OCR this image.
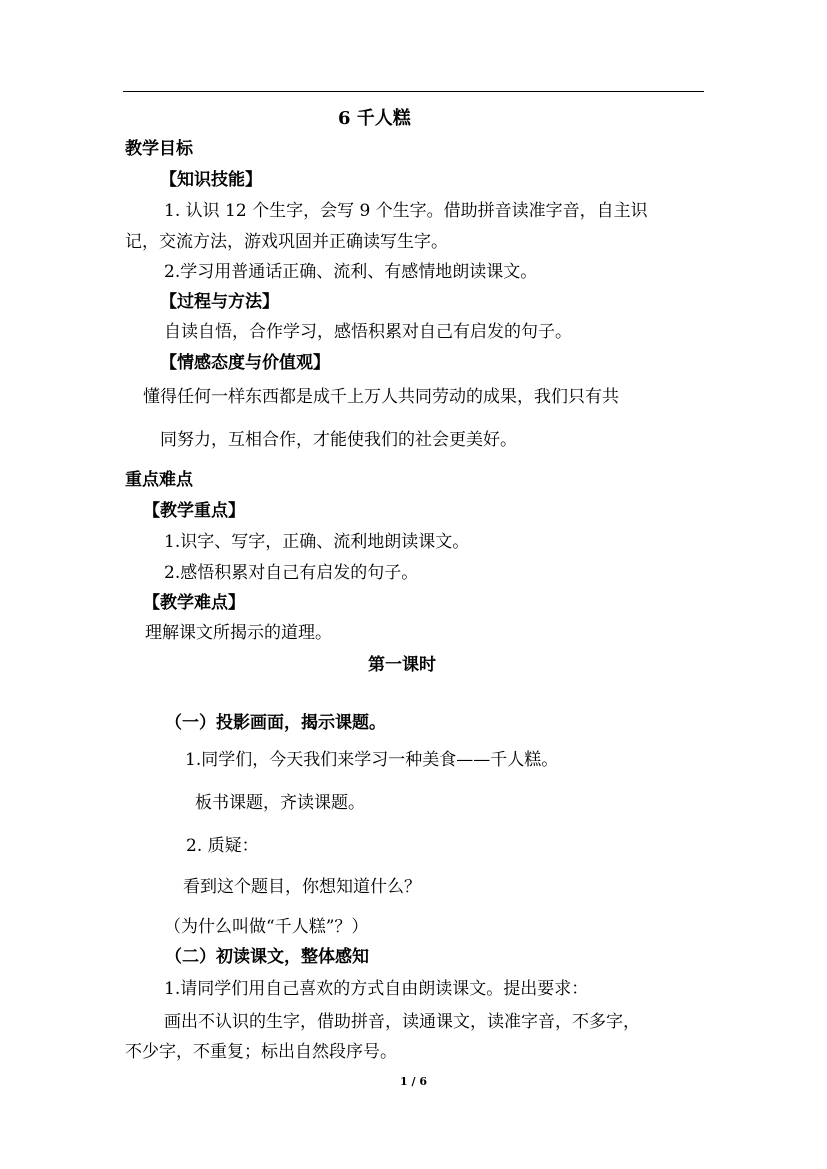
6 千人糕
教学目标
【知识技能】
1. 认识 12 个生字，会写 9 个生字。借助拼音读准字音，自主识
记，交流方法，游戏巩固并正确读写生字。
2.学习用普通话正确、流利、有感情地朗读课文。
【过程与方法】
自读自悟，合作学习，感悟积累对自己有启发的句子。
【情感态度与价值观】
懂得任何一样东西都是成千上万人共同劳动的成果，我们只有共
同努力，互相合作，才能使我们的社会更美好。
重点难点
【教学重点】
1.识字、写字，正确、流利地朗读课文。
2.感悟积累对自己有启发的句子。
【教学难点】
理解课文所揭示的道理。
第一课时
（一）投影画面，揭示课题。
1.同学们，今天我们来学习一种美食——千人糕。
板书课题，齐读课题。
2. 质疑：
看到这个题目，你想知道什么？
（为什么叫做“千人糕”？）
（二）初读课文，整体感知
1.请同学们用自己喜欢的方式自由朗读课文。提出要求：
画出不认识的生字，借助拼音，读通课文，读准字音，不多字，
不少字，不重复；标出自然段序号。
1 / 6
